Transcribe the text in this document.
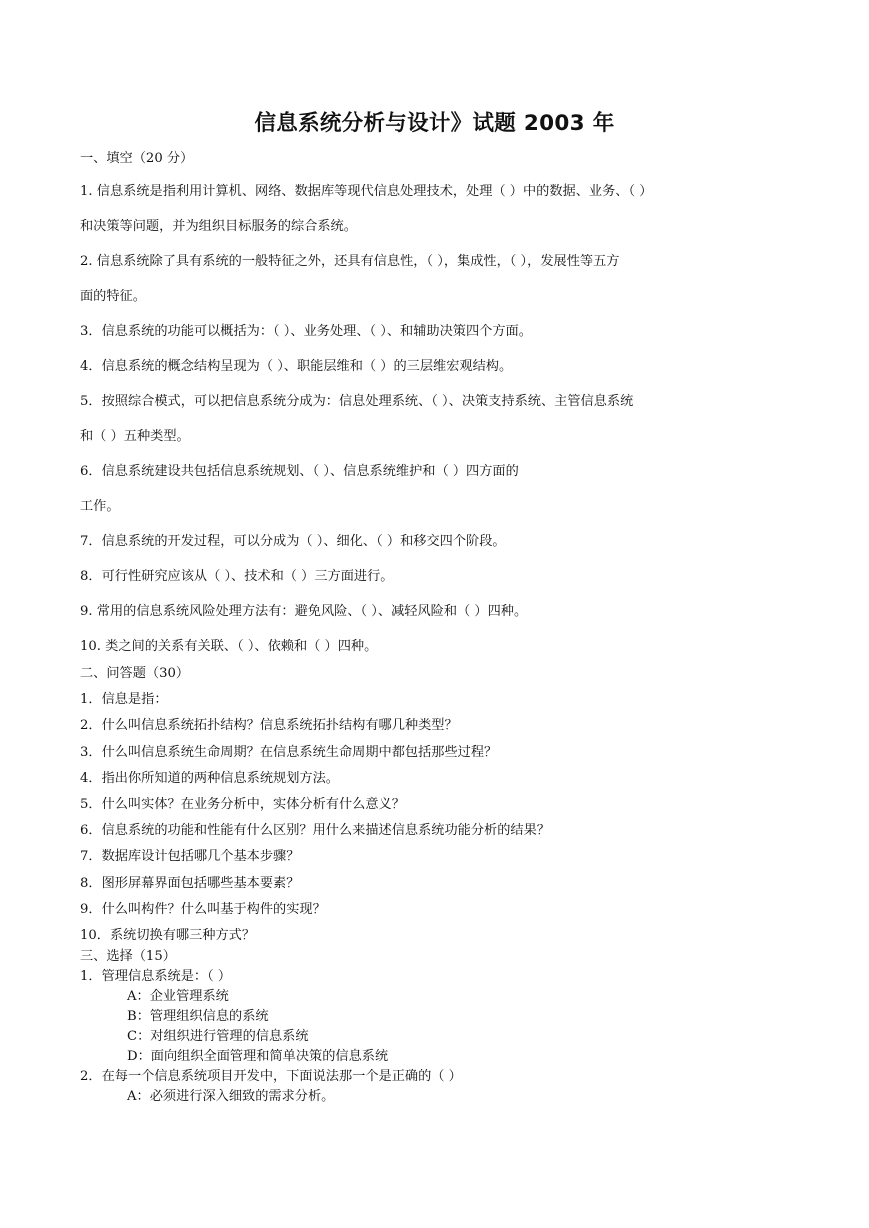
信息系统分析与设计》试题 2003 年
一、填空（20 分）
1. 信息系统是指利用计算机、网络、数据库等现代信息处理技术，处理（ ）中的数据、业务、（ ）
和决策等问题，并为组织目标服务的综合系统。
2. 信息系统除了具有系统的一般特征之外，还具有信息性，（ ），集成性，（ ），发展性等五方
面的特征。
3．信息系统的功能可以概括为：（ ）、业务处理、（ ）、和辅助决策四个方面。
4．信息系统的概念结构呈现为（ ）、职能层维和（ ）的三层维宏观结构。
5．按照综合模式，可以把信息系统分成为：信息处理系统、（ ）、决策支持系统、主管信息系统
和（ ）五种类型。
6．信息系统建设共包括信息系统规划、（ ）、信息系统维护和（ ）四方面的
工作。
7．信息系统的开发过程，可以分成为（ ）、细化、（ ）和移交四个阶段。
8．可行性研究应该从（ ）、技术和（ ）三方面进行。
9. 常用的信息系统风险处理方法有：避免风险、（ ）、减轻风险和（ ）四种。
10. 类之间的关系有关联、（ ）、依赖和（ ）四种。
二、问答题（30）
1．信息是指：
2．什么叫信息系统拓扑结构？信息系统拓扑结构有哪几种类型？
3．什么叫信息系统生命周期？在信息系统生命周期中都包括那些过程？
4．指出你所知道的两种信息系统规划方法。
5．什么叫实体？在业务分析中，实体分析有什么意义？
6．信息系统的功能和性能有什么区别？用什么来描述信息系统功能分析的结果？
7．数据库设计包括哪几个基本步骤？
8．图形屏幕界面包括哪些基本要素？
9．什么叫构件？什么叫基于构件的实现？
10．系统切换有哪三种方式？
三、选择（15）
1．管理信息系统是：（ ）
A：企业管理系统
B：管理组织信息的系统
C：对组织进行管理的信息系统
D：面向组织全面管理和简单决策的信息系统
2．在每一个信息系统项目开发中，下面说法那一个是正确的（ ）
A：必须进行深入细致的需求分析。
